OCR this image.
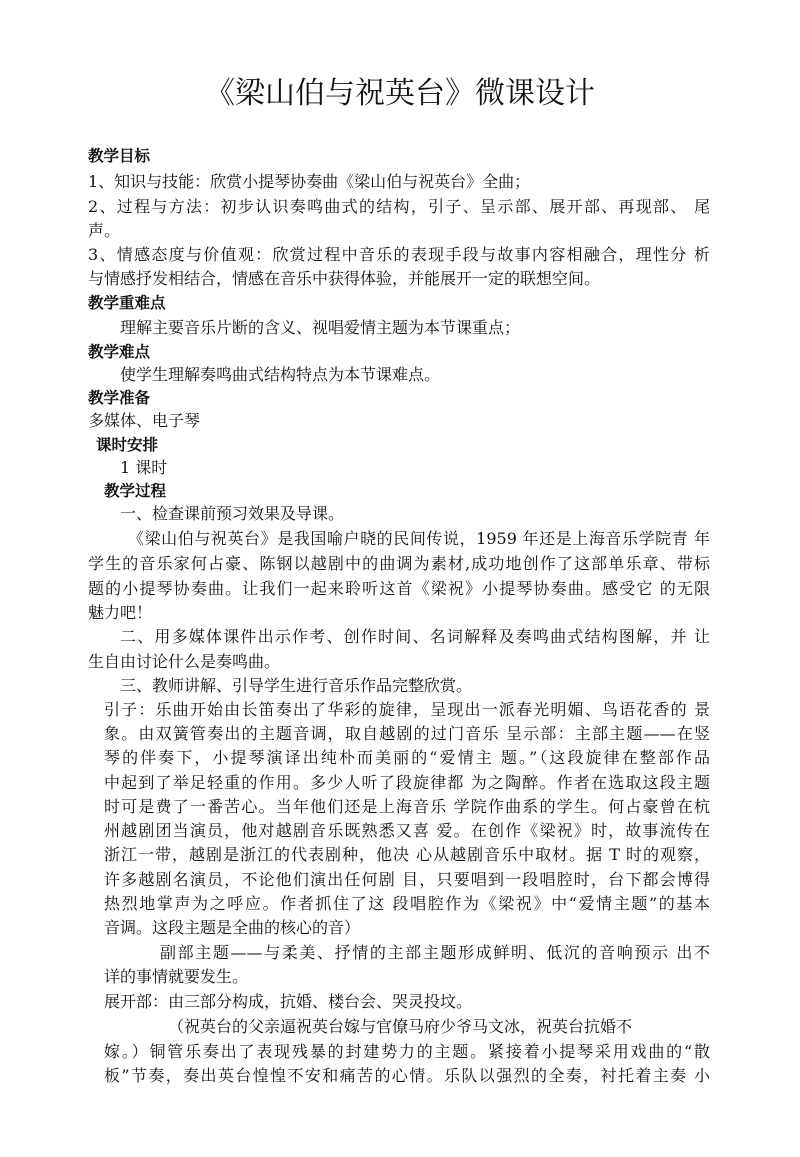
《梁山伯与祝英台》微课设计
教学目标
1、知识与技能：欣赏小提琴协奏曲《梁山伯与祝英台》全曲；
2、过程与方法：初步认识奏鸣曲式的结构，引子、呈示部、展开部、再现部、 尾
声。
3、情感态度与价值观：欣赏过程中音乐的表现手段与故事内容相融合，理性分 析
与情感抒发相结合，情感在音乐中获得体验，并能展开一定的联想空间。
教学重难点
理解主要音乐片断的含义、视唱爱情主题为本节课重点；
教学难点
使学生理解奏鸣曲式结构特点为本节课难点。
教学准备
多媒体、电子琴
课时安排
1 课时
教学过程
一、检查课前预习效果及导课。
《梁山伯与祝英台》是我国喻户晓的民间传说，1959 年还是上海音乐学院青 年
学生的音乐家何占豪、陈钢以越剧中的曲调为素材,成功地创作了这部单乐章、带标
题的小提琴协奏曲。让我们一起来聆听这首《梁祝》小提琴协奏曲。感受它 的无限
魅力吧！
二、用多媒体课件出示作考、创作时间、名词解释及奏鸣曲式结构图解，并 让
生自由讨论什么是奏鸣曲。
三、教师讲解、引导学生进行音乐作品完整欣赏。
引子：乐曲开始由长笛奏出了华彩的旋律，呈现出一派春光明媚、鸟语花香的 景
象。由双簧管奏出的主题音调，取自越剧的过门音乐 呈示部：主部主题——在竖
琴的伴奏下，小提琴演译出纯朴而美丽的“爱情主 题。”（这段旋律在整部作品
中起到了举足轻重的作用。多少人听了段旋律都 为之陶醉。作者在选取这段主题
时可是费了一番苦心。当年他们还是上海音乐 学院作曲系的学生。何占豪曾在杭
州越剧团当演员，他对越剧音乐既熟悉又喜 爱。在创作《梁祝》时，故事流传在
浙江一带，越剧是浙江的代表剧种，他决 心从越剧音乐中取材。据 T 时的观察，
许多越剧名演员，不论他们演出任何剧 目，只要唱到一段唱腔时，台下都会博得
热烈地掌声为之呼应。作者抓住了这 段唱腔作为《梁祝》中“爱情主题”的基本
音调。这段主题是全曲的核心的音）
副部主题——与柔美、抒情的主部主题形成鲜明、低沉的音响预示 出不
详的事情就要发生。
展开部：由三部分构成，抗婚、楼台会、哭灵投坟。
（祝英台的父亲逼祝英台嫁与官僚马府少爷马文冰，祝英台抗婚不
嫁。）铜管乐奏出了表现残暴的封建势力的主题。紧接着小提琴采用戏曲的“散
板”节奏，奏出英台惶惶不安和痛苦的心情。乐队以强烈的全奏，衬托着主奏 小
